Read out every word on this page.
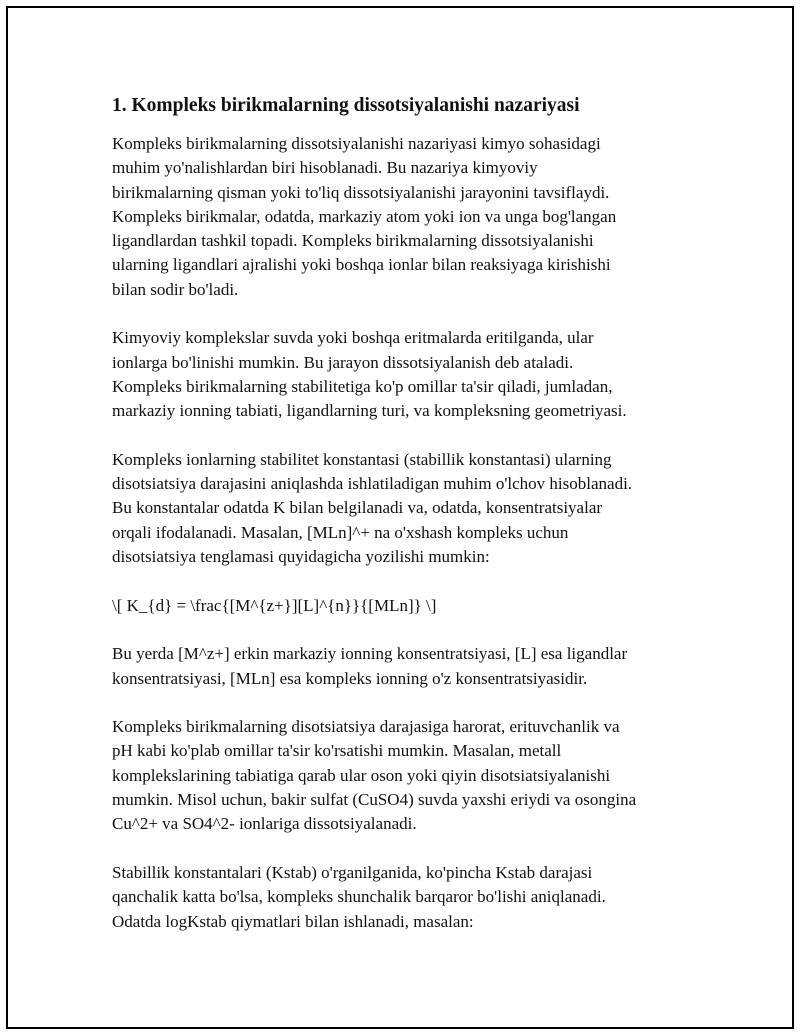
1. Kompleks birikmalarning dissotsiyalanishi nazariyasi

Kompleks birikmalarning dissotsiyalanishi nazariyasi kimyo sohasidagi
muhim yo'nalishlardan biri hisoblanadi. Bu nazariya kimyoviy
birikmalarning qisman yoki to'liq dissotsiyalanishi jarayonini tavsiflaydi.
Kompleks birikmalar, odatda, markaziy atom yoki ion va unga bog'langan
ligandlardan tashkil topadi. Kompleks birikmalarning dissotsiyalanishi
ularning ligandlari ajralishi yoki boshqa ionlar bilan reaksiyaga kirishishi
bilan sodir bo'ladi.

Kimyoviy komplekslar suvda yoki boshqa eritmalarda eritilganda, ular
ionlarga bo'linishi mumkin. Bu jarayon dissotsiyalanish deb ataladi.
Kompleks birikmalarning stabilitetiga ko'p omillar ta'sir qiladi, jumladan,
markaziy ionning tabiati, ligandlarning turi, va kompleksning geometriyasi.

Kompleks ionlarning stabilitet konstantasi (stabillik konstantasi) ularning
disotsiatsiya darajasini aniqlashda ishlatiladigan muhim o'lchov hisoblanadi.
Bu konstantalar odatda K bilan belgilanadi va, odatda, konsentratsiyalar
orqali ifodalanadi. Masalan, [MLn]^+ na o'xshash kompleks uchun
disotsiatsiya tenglamasi quyidagicha yozilishi mumkin:

\[ K_{d} = \frac{[M^{z+}][L]^{n}}{[MLn]} \]

Bu yerda [M^z+] erkin markaziy ionning konsentratsiyasi, [L] esa ligandlar
konsentratsiyasi, [MLn] esa kompleks ionning o'z konsentratsiyasidir.

Kompleks birikmalarning disotsiatsiya darajasiga harorat, erituvchanlik va
pH kabi ko'plab omillar ta'sir ko'rsatishi mumkin. Masalan, metall
komplekslarining tabiatiga qarab ular oson yoki qiyin disotsiatsiyalanishi
mumkin. Misol uchun, bakir sulfat (CuSO4) suvda yaxshi eriydi va osongina
Cu^2+ va SO4^2- ionlariga dissotsiyalanadi.

Stabillik konstantalari (Kstab) o'rganilganida, ko'pincha Kstab darajasi
qanchalik katta bo'lsa, kompleks shunchalik barqaror bo'lishi aniqlanadi.
Odatda logKstab qiymatlari bilan ishlanadi, masalan:
